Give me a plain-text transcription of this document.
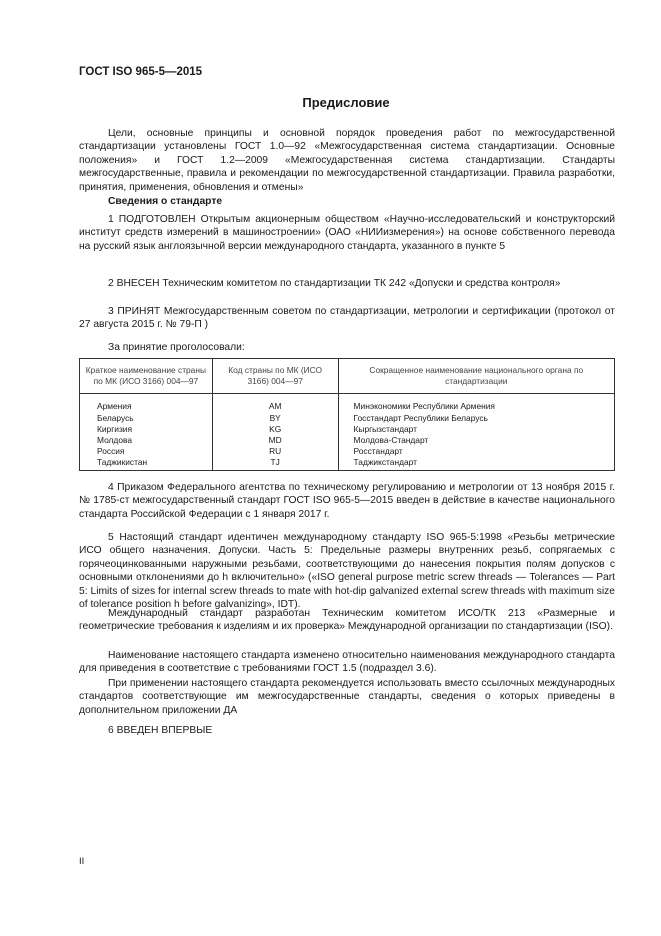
ГОСТ ISO 965-5—2015
Предисловие
Цели, основные принципы и основной порядок проведения работ по межгосударственной стандартизации установлены ГОСТ 1.0—92 «Межгосударственная система стандартизации. Основные положения» и ГОСТ 1.2—2009 «Межгосударственная система стандартизации. Стандарты межгосударственные, правила и рекомендации по межгосударственной стандартизации. Правила разработки, принятия, применения, обновления и отмены»
Сведения о стандарте
1 ПОДГОТОВЛЕН Открытым акционерным обществом «Научно-исследовательский и конструкторский институт средств измерений в машиностроении» (ОАО «НИИизмерения») на основе собственного перевода на русский язык англоязычной версии международного стандарта, указанного в пункте 5
2 ВНЕСЕН Техническим комитетом по стандартизации ТК 242 «Допуски и средства контроля»
3 ПРИНЯТ Межгосударственным советом по стандартизации, метрологии и сертификации (протокол от 27 августа 2015 г. № 79-П )
За принятие проголосовали:
Краткое наименование страны по МК (ИСО 3166) 004—97	Код страны по МК (ИСО 3166) 004—97	Сокращенное наименование национального органа по стандартизации
Армения	AM	Минэкономики Республики Армения
Беларусь	BY	Госстандарт Республики Беларусь
Киргизия	KG	Кыргызстандарт
Молдова	MD	Молдова-Стандарт
Россия	RU	Росстандарт
Таджикистан	TJ	Таджикстандарт
4 Приказом Федерального агентства по техническому регулированию и метрологии от 13 ноября 2015 г. № 1785-ст межгосударственный стандарт ГОСТ ISO 965-5—2015 введен в действие в качестве национального стандарта Российской Федерации с 1 января 2017 г.
5 Настоящий стандарт идентичен международному стандарту ISO 965-5:1998 «Резьбы метрические ИСО общего назначения. Допуски. Часть 5: Предельные размеры внутренних резьб, сопрягаемых с горячеоцинкованными наружными резьбами, соответствующими до нанесения покрытия полям допусков с основными отклонениями до h включительно» («ISO general purpose metric screw threads — Tolerances — Part 5: Limits of sizes for internal screw threads to mate with hot-dip galvanized external screw threads with maximum size of tolerance position h before galvanizing», IDT).
Международный стандарт разработан Техническим комитетом ИСО/ТК 213 «Размерные и геометрические требования к изделиям и их проверка» Международной организации по стандартизации (ISO).
Наименование настоящего стандарта изменено относительно наименования международного стандарта для приведения в соответствие с требованиями ГОСТ 1.5 (подраздел 3.6).
При применении настоящего стандарта рекомендуется использовать вместо ссылочных международных стандартов соответствующие им межгосударственные стандарты, сведения о которых приведены в дополнительном приложении ДА
6 ВВЕДЕН ВПЕРВЫЕ
II
